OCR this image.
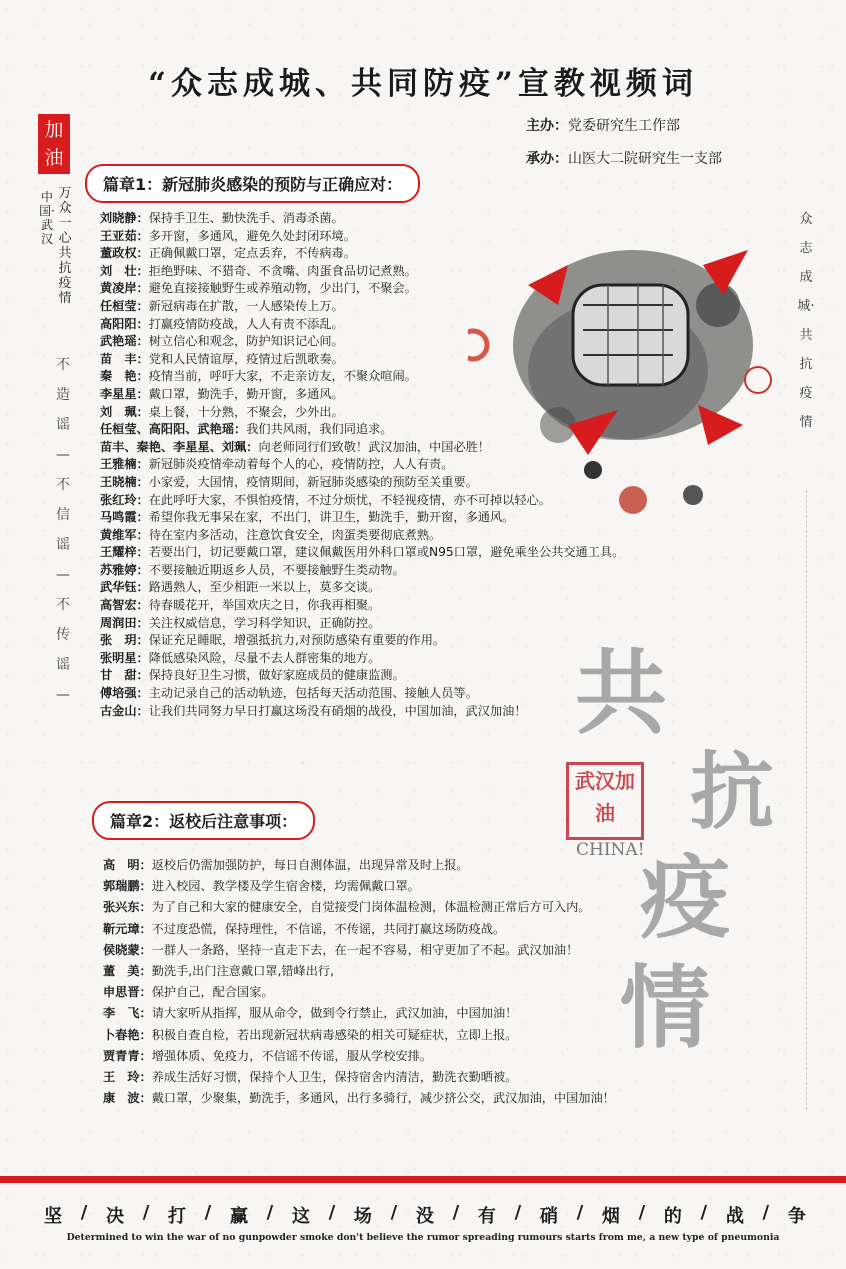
“众志成城、共同防疫”宣教视频词
主办：党委研究生工作部
承办：山医大二院研究生一支部
加油
中国·武汉
万众一心共抗疫情
不造谣—不信谣—不传谣—
众志成城·共抗疫情
篇章1：新冠肺炎感染的预防与正确应对：
刘晓静：保持手卫生、勤快洗手、消毒杀菌。
王亚茹：多开窗，多通风，避免久处封闭环境。
董政权：正确佩戴口罩，定点丢弃，不传病毒。
刘　壮：拒绝野味、不猎奇、不贪嘴、肉蛋食品切记煮熟。
黄凌岸：避免直接接触野生或养殖动物，少出门，不聚会。
任桓莹：新冠病毒在扩散，一人感染传上万。
高阳阳：打赢疫情防疫战，人人有责不添乱。
武艳瑶：树立信心和观念，防护知识记心间。
苗　丰：党和人民情谊厚，疫情过后凯歌奏。
秦　艳：疫情当前，呼吁大家，不走亲访友，不聚众喧闹。
李星星：戴口罩，勤洗手，勤开窗，多通风。
刘　珮：桌上餐，十分熟，不聚会，少外出。
任桓莹、高阳阳、武艳瑶：我们共风雨，我们同追求。
苗丰、秦艳、李星星、刘珮：向老师同行们致敬！武汉加油，中国必胜！
王雅楠：新冠肺炎疫情牵动着每个人的心，疫情防控，人人有责。
王晓楠：小家爱，大国情，疫情期间，新冠肺炎感染的预防至关重要。
张红玲：在此呼吁大家，不惧怕疫情，不过分烦忧，不轻视疫情，亦不可掉以轻心。
马鸣霞：希望你我无事呆在家，不出门，讲卫生，勤洗手，勤开窗，多通风。
黄维军：待在室内多活动，注意饮食安全，肉蛋类要彻底煮熟。
王耀梓：若要出门，切记要戴口罩，建议佩戴医用外科口罩或N95口罩，避免乘坐公共交通工具。
苏雅婷：不要接触近期返乡人员，不要接触野生类动物。
武华钰：路遇熟人，至少相距一米以上，莫多交谈。
高智宏：待春暖花开，举国欢庆之日，你我再相聚。
周润田：关注权威信息，学习科学知识，正确防控。
张　玥：保证充足睡眠，增强抵抗力,对预防感染有重要的作用。
张明星：降低感染风险，尽量不去人群密集的地方。
甘　甜：保持良好卫生习惯，做好家庭成员的健康监测。
傅培强：主动记录自己的活动轨迹，包括每天活动范围、接触人员等。
古金山：让我们共同努力早日打赢这场没有硝烟的战役，中国加油，武汉加油！ 共
抗
疫
情
武汉加油
CHINA!
篇章2：返校后注意事项：
高　明：返校后仍需加强防护，每日自测体温，出现异常及时上报。
郭瑞鹏：进入校园、教学楼及学生宿舍楼，均需佩戴口罩。
张兴东：为了自己和大家的健康安全，自觉接受门岗体温检测，体温检测正常后方可入内。
靳元璋：不过度恐慌，保持理性，不信谣，不传谣，共同打赢这场防疫战。
侯晓蒙：一群人一条路，坚持一直走下去，在一起不容易，相守更加了不起。武汉加油！
董　美：勤洗手,出门注意戴口罩,错峰出行,
申思晋：保护自己，配合国家。
李　飞：请大家听从指挥，服从命令，做到令行禁止，武汉加油，中国加油！
卜春艳：积极自查自检，若出现新冠状病毒感染的相关可疑症状，立即上报。
贾青青：增强体质、免疫力，不信谣不传谣，服从学校安排。
王　玲：养成生活好习惯，保持个人卫生，保持宿舍内清洁，勤洗衣勤晒被。
康　波：戴口罩，少聚集，勤洗手，多通风，出行多骑行，减少挤公交，武汉加油，中国加油！
坚 / 决 / 打 / 赢 / 这 / 场 / 没 / 有 / 硝 / 烟 / 的 / 战 / 争
Determined to win the war of no gunpowder smoke don't believe the rumor spreading rumours starts from me, a new type of pneumonia
